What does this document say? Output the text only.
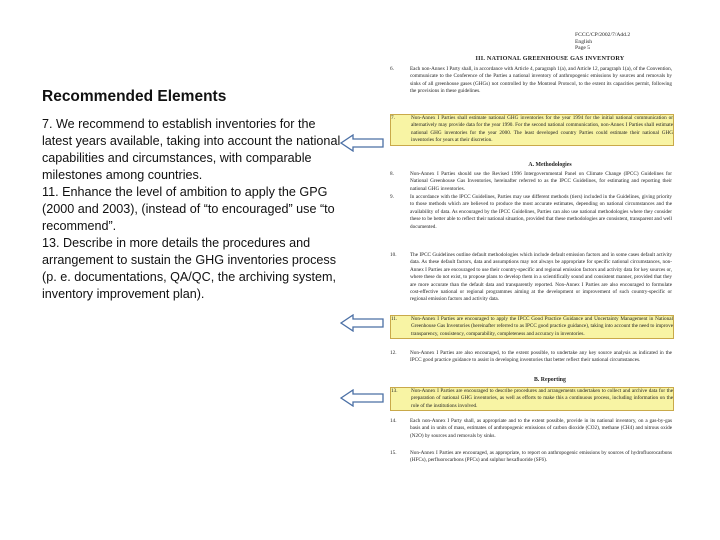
Recommended Elements
7. We recommend to establish inventories for the latest years available, taking into account the national capabilities and circumstances, with comparable milestones among countries.
11. Enhance the level of ambition to apply the GPG (2000 and 2003), (instead of “to encouraged” use “to recommend”.
13. Describe in more details the procedures and arrangement to sustain the GHG inventories process (p. e. documentations, QA/QC, the archiving system, inventory improvement plan).
FCCC/CP/2002/7/Add.2
English
Page 5
III. NATIONAL GREENHOUSE GAS INVENTORY
6.	Each non-Annex I Party shall, in accordance with Article 4, paragraph 1(a), and Article 12, paragraph 1(a), of the Convention, communicate to the Conference of the Parties a national inventory of anthropogenic emissions by sources and removals by sinks of all greenhouse gases (GHGs) not controlled by the Montreal Protocol, to the extent its capacities permit, following the provisions in these guidelines.
7.	Non-Annex I Parties shall estimate national GHG inventories for the year 1994 for the initial national communication or alternatively may provide data for the year 1990. For the second national communication, non-Annex I Parties shall estimate national GHG inventories for the year 2000. The least developed country Parties could estimate their national GHG inventories for years at their discretion.
A. Methodologies
8.	Non-Annex I Parties should use the Revised 1996 Intergovernmental Panel on Climate Change (IPCC) Guidelines for National Greenhouse Gas Inventories, hereinafter referred to as the IPCC Guidelines, for estimating and reporting their national GHG inventories.
9.	In accordance with the IPCC Guidelines, Parties may use different methods (tiers) included in the Guidelines, giving priority to those methods which are believed to produce the most accurate estimates, depending on national circumstances and the availability of data. As encouraged by the IPCC Guidelines, Parties can also use national methodologies where they consider these to be better able to reflect their national situation, provided that these methodologies are consistent, transparent and well documented.
10.	The IPCC Guidelines outline default methodologies which include default emission factors and in some cases default activity data. As these default factors, data and assumptions may not always be appropriate for specific national circumstances, non-Annex I Parties are encouraged to use their country-specific and regional emission factors and activity data for key sources or, where these do not exist, to propose plans to develop them in a scientifically sound and consistent manner, provided that they are more accurate than the default data and transparently reported. Non-Annex I Parties are also encouraged to formulate cost-effective national or regional programmes aiming at the development or improvement of such country-specific or regional emission factors and activity data.
11.	Non-Annex I Parties are encouraged to apply the IPCC Good Practice Guidance and Uncertainty Management in National Greenhouse Gas Inventories (hereinafter referred to as IPCC good practice guidance), taking into account the need to improve transparency, consistency, comparability, completeness and accuracy in inventories.
12.	Non-Annex I Parties are also encouraged, to the extent possible, to undertake any key source analysis as indicated in the IPCC good practice guidance to assist in developing inventories that better reflect their national circumstances.
B. Reporting
13.	Non-Annex I Parties are encouraged to describe procedures and arrangements undertaken to collect and archive data for the preparation of national GHG inventories, as well as efforts to make this a continuous process, including information on the role of the institutions involved.
14.	Each non-Annex I Party shall, as appropriate and to the extent possible, provide in its national inventory, on a gas-by-gas basis and in units of mass, estimates of anthropogenic emissions of carbon dioxide (CO2), methane (CH4) and nitrous oxide (N2O) by sources and removals by sinks.
15.	Non-Annex I Parties are encouraged, as appropriate, to report on anthropogenic emissions by sources of hydrofluorocarbons (HFCs), perfluorocarbons (PFCs) and sulphur hexafluoride (SF6).
